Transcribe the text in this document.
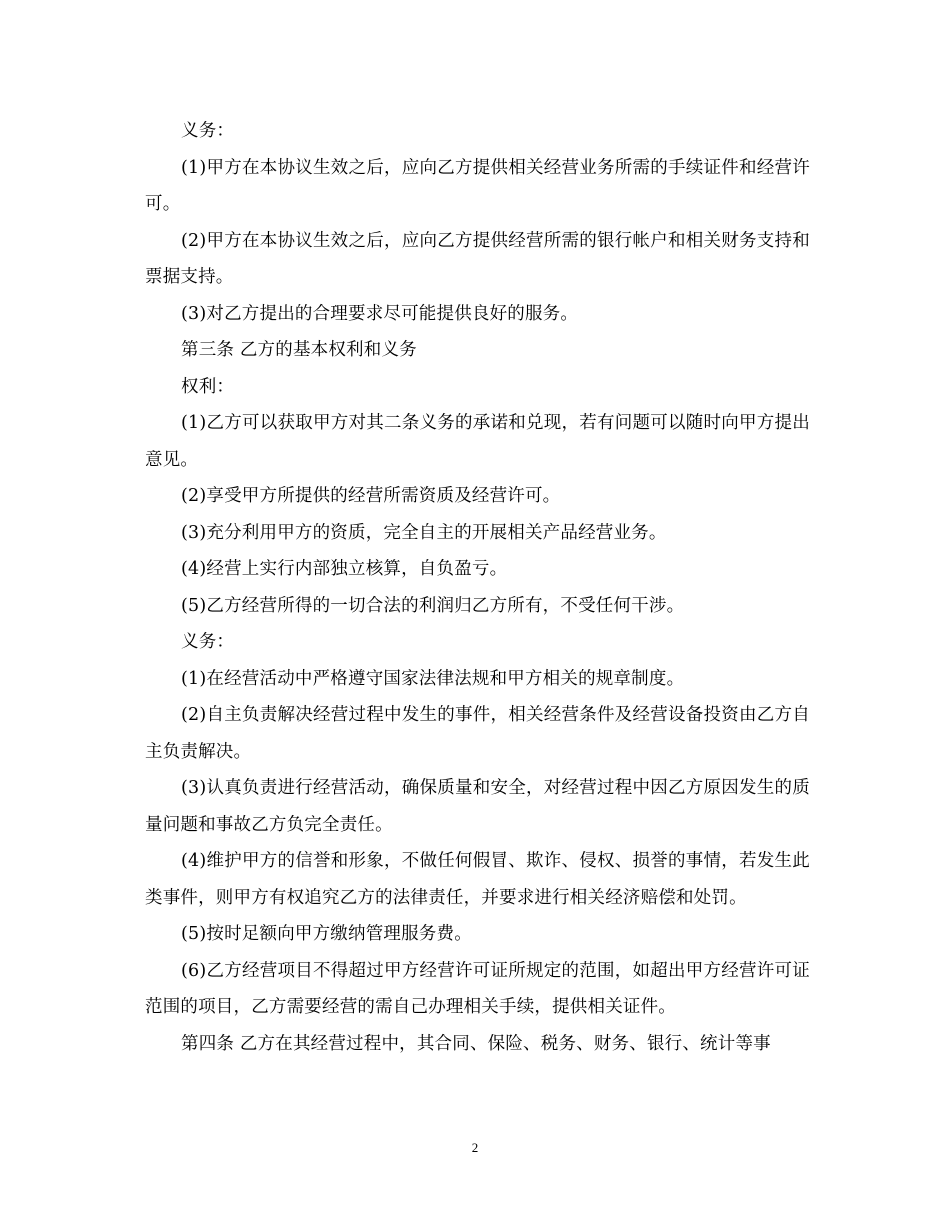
义务：

(1)甲方在本协议生效之后，应向乙方提供相关经营业务所需的手续证件和经营许可。

(2)甲方在本协议生效之后，应向乙方提供经营所需的银行帐户和相关财务支持和票据支持。

(3)对乙方提出的合理要求尽可能提供良好的服务。

第三条 乙方的基本权利和义务

权利：

(1)乙方可以获取甲方对其二条义务的承诺和兑现，若有问题可以随时向甲方提出意见。

(2)享受甲方所提供的经营所需资质及经营许可。

(3)充分利用甲方的资质，完全自主的开展相关产品经营业务。

(4)经营上实行内部独立核算，自负盈亏。

(5)乙方经营所得的一切合法的利润归乙方所有，不受任何干涉。

义务：

(1)在经营活动中严格遵守国家法律法规和甲方相关的规章制度。

(2)自主负责解决经营过程中发生的事件，相关经营条件及经营设备投资由乙方自主负责解决。

(3)认真负责进行经营活动，确保质量和安全，对经营过程中因乙方原因发生的质量问题和事故乙方负完全责任。

(4)维护甲方的信誉和形象，不做任何假冒、欺诈、侵权、损誉的事情，若发生此类事件，则甲方有权追究乙方的法律责任，并要求进行相关经济赔偿和处罚。

(5)按时足额向甲方缴纳管理服务费。

(6)乙方经营项目不得超过甲方经营许可证所规定的范围，如超出甲方经营许可证范围的项目，乙方需要经营的需自己办理相关手续，提供相关证件。

第四条 乙方在其经营过程中，其合同、保险、税务、财务、银行、统计等事

2
